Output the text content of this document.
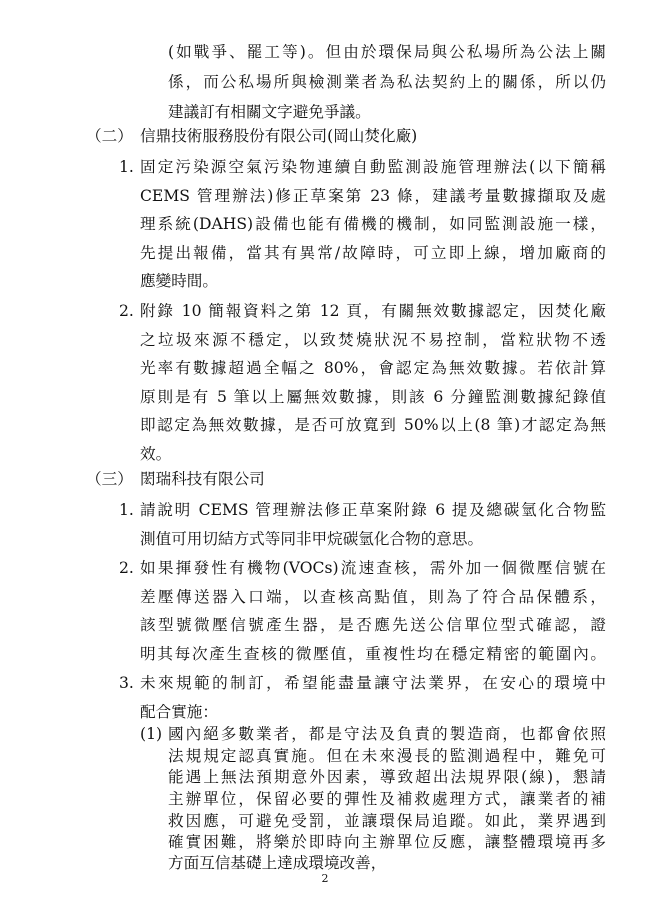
(如戰爭、罷工等)。但由於環保局與公私場所為公法上關
係，而公私場所與檢測業者為私法契約上的關係，所以仍
建議訂有相關文字避免爭議。
（二） 信鼎技術服務股份有限公司(岡山焚化廠)
1. 固定污染源空氣污染物連續自動監測設施管理辦法(以下簡稱
CEMS 管理辦法)修正草案第 23 條，建議考量數據擷取及處
理系統(DAHS)設備也能有備機的機制，如同監測設施一樣，
先提出報備，當其有異常/故障時，可立即上線，增加廠商的
應變時間。
2. 附錄 10 簡報資料之第 12 頁，有關無效數據認定，因焚化廠
之垃圾來源不穩定，以致焚燒狀況不易控制，當粒狀物不透
光率有數據超過全幅之 80%，會認定為無效數據。若依計算
原則是有 5 筆以上屬無效數據，則該 6 分鐘監測數據紀錄值
即認定為無效數據，是否可放寬到 50%以上(8 筆)才認定為無
效。
（三） 閎瑞科技有限公司
1. 請說明 CEMS 管理辦法修正草案附錄 6 提及總碳氫化合物監
測值可用切結方式等同非甲烷碳氫化合物的意思。
2. 如果揮發性有機物(VOCs)流速查核，需外加一個微壓信號在
差壓傳送器入口端，以查核高點值，則為了符合品保體系，
該型號微壓信號產生器，是否應先送公信單位型式確認，證
明其每次產生查核的微壓值，重複性均在穩定精密的範圍內。
3. 未來規範的制訂，希望能盡量讓守法業界，在安心的環境中
配合實施：
(1) 國內絕多數業者，都是守法及負責的製造商，也都會依照
法規規定認真實施。但在未來漫長的監測過程中，難免可
能遇上無法預期意外因素，導致超出法規界限(線)，懇請
主辦單位，保留必要的彈性及補救處理方式，讓業者的補
救因應，可避免受罰，並讓環保局追蹤。如此，業界遇到
確實困難，將樂於即時向主辦單位反應，讓整體環境再多
方面互信基礎上達成環境改善，
2
